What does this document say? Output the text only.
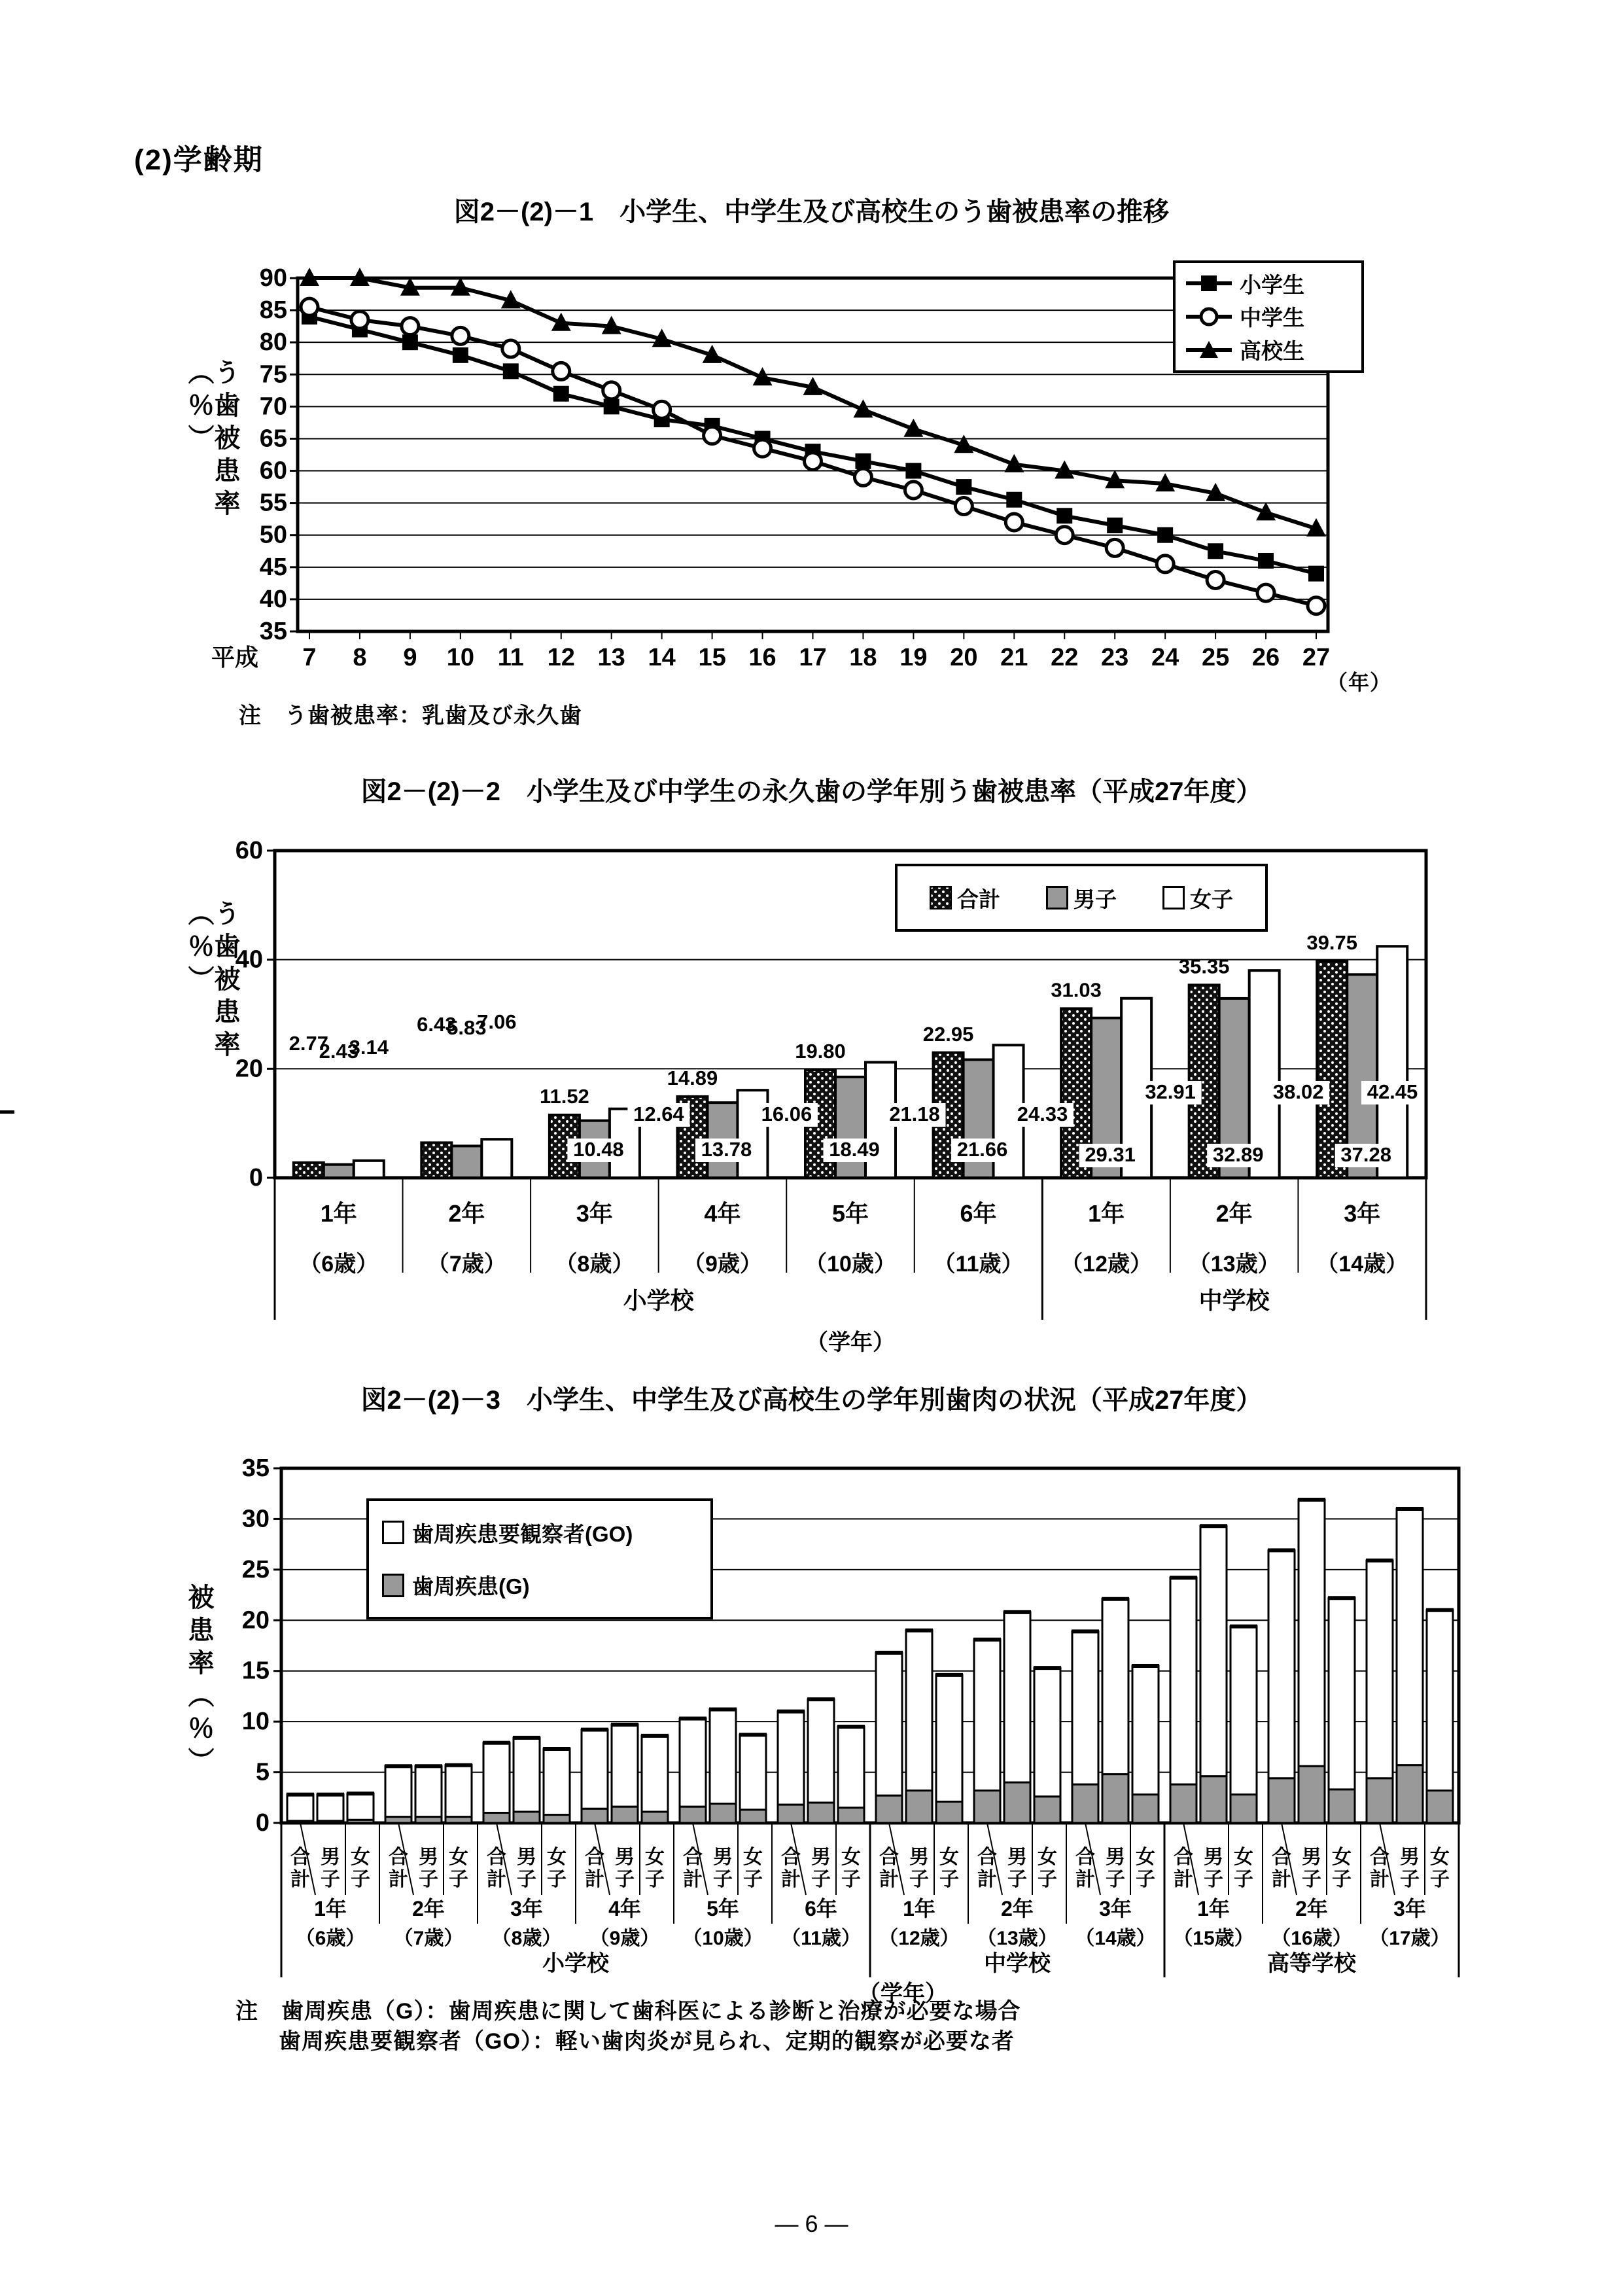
(2)学齢期
図2－(2)－1　小学生、中学生及び高校生のう歯被患率の推移
う歯被患率（％）
35
40
45
50
55
60
65
70
75
80
85
90
7 8 9 10 11 12 13 14 15 16 17 18 19 20 21 22 23 24 25 26 27
平成
小学生
中学生
高校生
（年）
注　う歯被患率：乳歯及び永久歯
図2－(2)－2　小学生及び中学生の永久歯の学年別う歯被患率（平成27年度）
う歯被患率（％）
0
20
40
60
2.77
6.43
11.52
14.89
19.80
22.95
31.03
35.35
39.75
2.43
5.83
10.48	13.78	18.49	21.66	29.31	32.89	37.28
3.14
7.06
12.64	16.06	21.18	24.33
32.91	38.02 42.45
1年
（6歳）
2年
（7歳）
3年
（8歳）
4年
（9歳）
5年
（10歳）
6年
（11歳）
1年
（12歳）
2年
（13歳）
3年
（14歳）
小学校	中学校
（学年）
合計	男子	女子
図2－(2)－3　小学生、中学生及び高校生の学年別歯肉の状況（平成27年度）
被患率（％）
0
5
10
15
20
25
30
35
合計
男子
女子
1年
（6歳）
合計
男子
女子
2年
（7歳）
合計
男子
女子
3年
（8歳）
合計
男子
女子
4年
（9歳）
合計
男子
女子
5年
（10歳）
合計
男子
女子
6年
（11歳）
合計
男子
女子
1年
（12歳）
合計
男子
女子
2年
（13歳）
合計
男子
女子
3年
（14歳）
合計
男子
女子
1年
（15歳）
合計
男子
女子
2年
（16歳）
合計
男子
女子
3年
（17歳）
小学校	中学校	高等学校
（学年）
歯周疾患要観察者(GO)
歯周疾患(G)
注　歯周疾患（G）：歯周疾患に関して歯科医による診断と治療が必要な場合
歯周疾患要観察者（GO）：軽い歯肉炎が見られ、定期的観察が必要な者
― 6 ―
